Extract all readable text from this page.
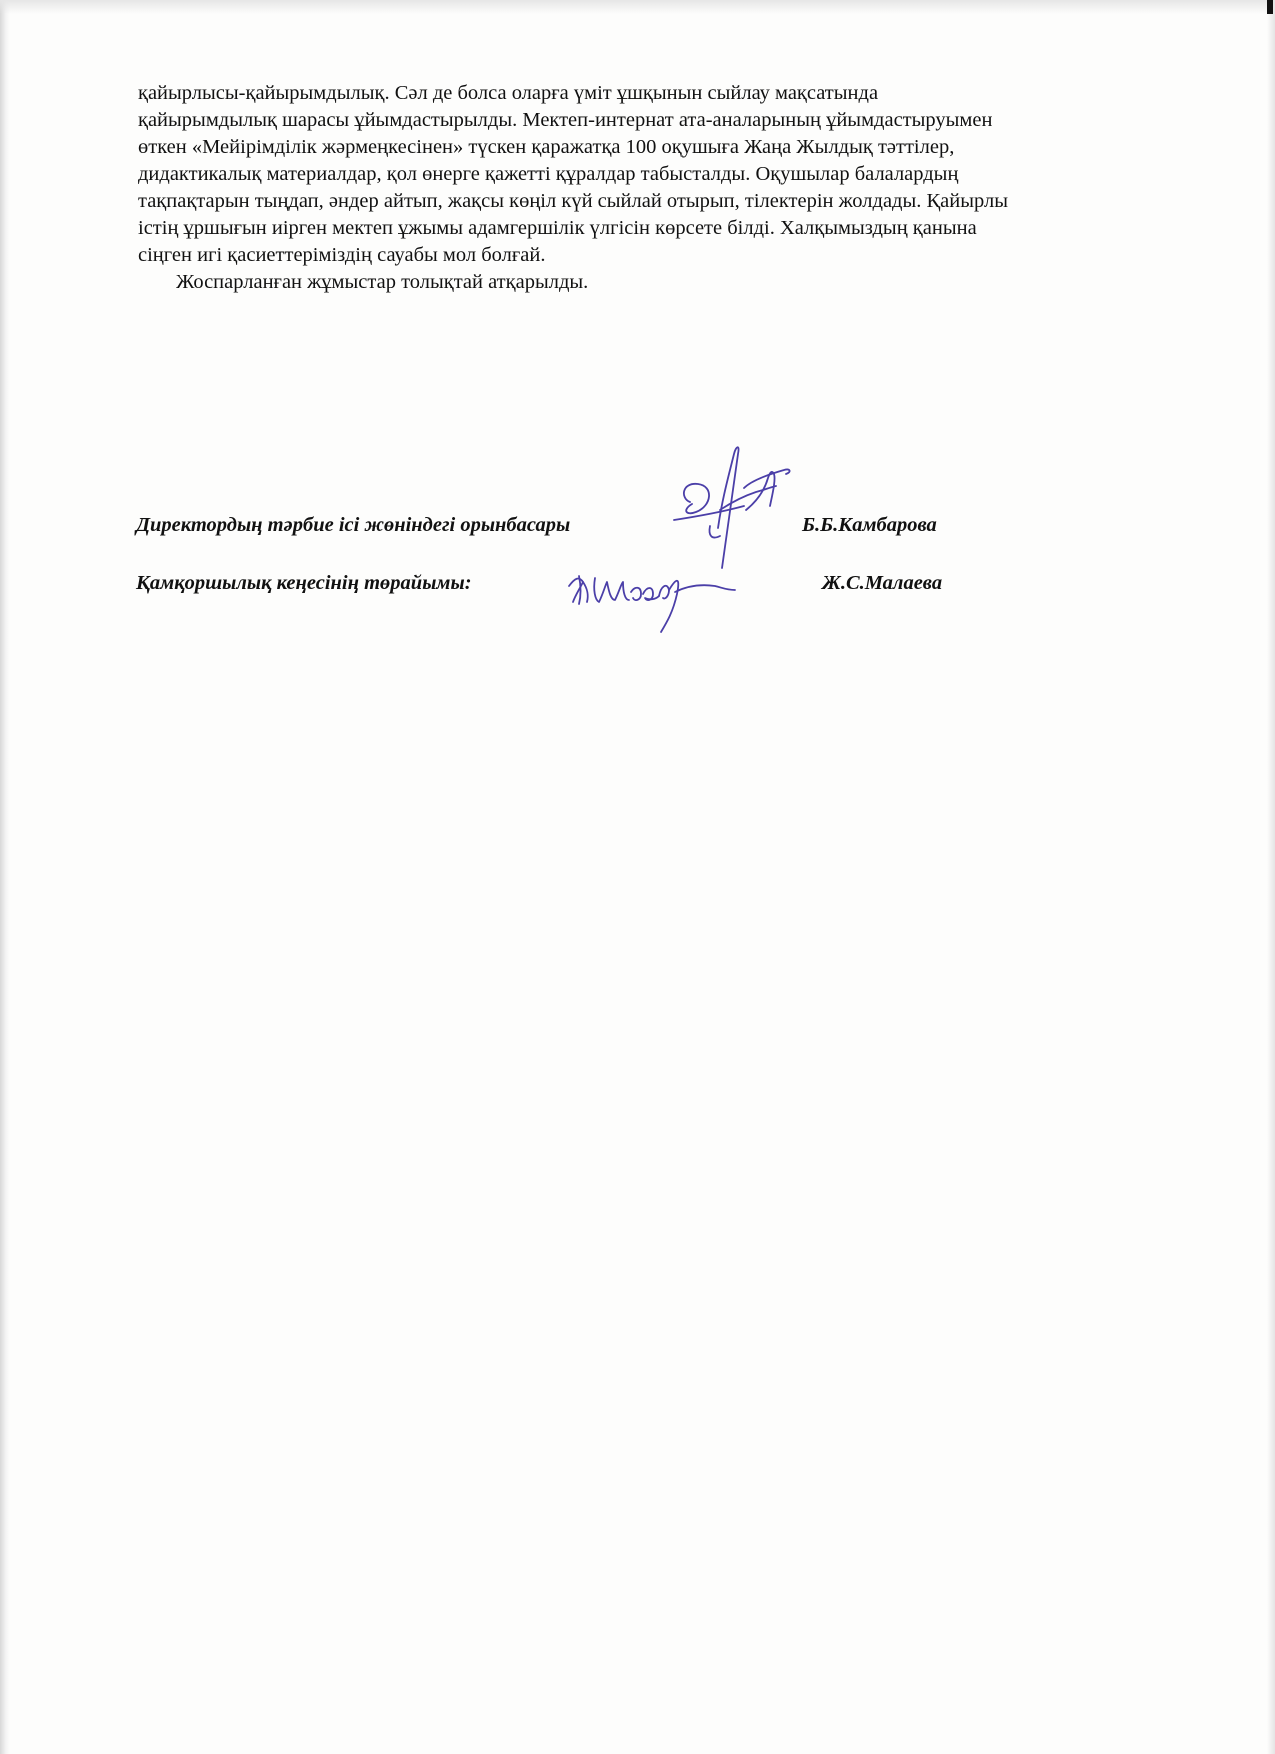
қайырлысы-қайырымдылық. Сәл де болса оларға үміт ұшқынын сыйлау мақсатында
қайырымдылық шарасы ұйымдастырылды. Мектеп-интернат ата-аналарының ұйымдастыруымен
өткен «Мейірімділік жәрмеңкесінен» түскен қаражатқа 100 оқушыға Жаңа Жылдық тәттілер,
дидактикалық материалдар, қол өнерге қажетті құралдар табысталды. Оқушылар балалардың
тақпақтарын тыңдап, әндер айтып, жақсы көңіл күй сыйлай отырып, тілектерін жолдады. Қайырлы
істің ұршығын иірген мектеп ұжымы адамгершілік үлгісін көрсете білді. Халқымыздың қанына
сіңген игі қасиеттеріміздің сауабы мол болғай.

Жоспарланған жұмыстар толықтай атқарылды.

Директордың тәрбие ісі жөніндегі орынбасары	Б.Б.Камбарова
Қамқоршылық кеңесінің төрайымы:	Ж.С.Малаева
